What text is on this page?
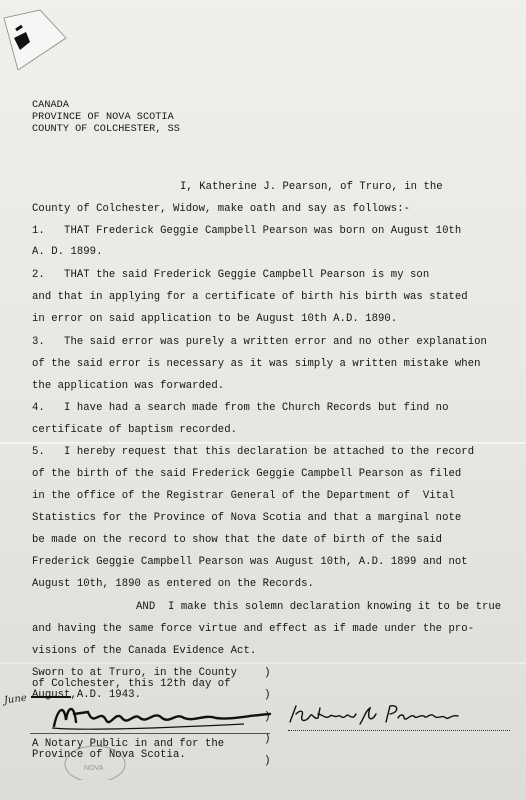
CANADA
PROVINCE OF NOVA SCOTIA
COUNTY OF COLCHESTER, SS
I, Katherine J. Pearson, of Truro, in the
County of Colchester, Widow, make oath and say as follows:-
1.   THAT Frederick Geggie Campbell Pearson was born on August 10th
A. D. 1899.
2.   THAT the said Frederick Geggie Campbell Pearson is my son
and that in applying for a certificate of birth his birth was stated
in error on said application to be August 10th A.D. 1890.
3.   The said error was purely a written error and no other explanation
of the said error is necessary as it was simply a written mistake when
the application was forwarded.
4.   I have had a search made from the Church Records but find no
certificate of baptism recorded.
5.   I hereby request that this declaration be attached to the record
of the birth of the said Frederick Geggie Campbell Pearson as filed
in the office of the Registrar General of the Department of  Vital
Statistics for the Province of Nova Scotia and that a marginal note
be made on the record to show that the date of birth of the said
Frederick Geggie Campbell Pearson was August 10th, A.D. 1899 and not
August 10th, 1890 as entered on the Records.
AND  I make this solemn declaration knowing it to be true
and having the same force virtue and effect as if made under the pro-
visions of the Canada Evidence Act.
Sworn to at Truro, in the County
of Colchester, this 12th day of
August,A.D. 1943.
June
)
)
)
)
)
NOVA
A Notary Public in and for the
Province of Nova Scotia.
